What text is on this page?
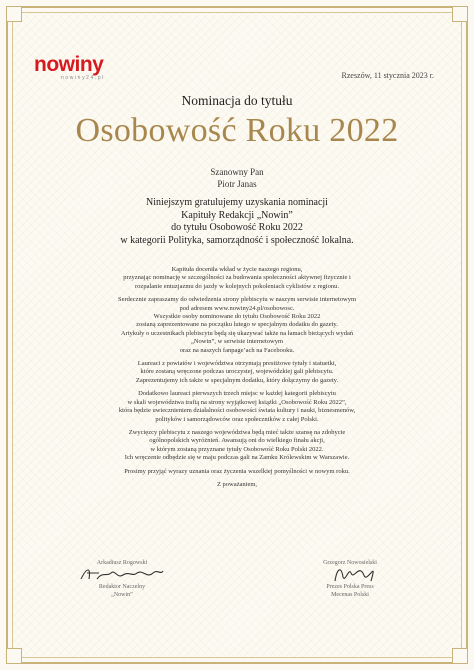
nowiny
nowiny24.pl	Rzeszów, 11 stycznia 2023 r.
Nominacja do tytułu
Osobowość Roku 2022
Szanowny Pan
Piotr Janas
Niniejszym gratulujemy uzyskania nominacji
Kapituły Redakcji „Nowin”
do tytułu Osobowość Roku 2022
w kategorii Polityka, samorządność i społeczność lokalna.
Kapituła doceniła wkład w życie naszego regionu,
przyznając nominację w szczególności za budowania społeczności aktywnej fizycznie i
rozpalanie entuzjazmu do jazdy w kolejnych pokoleniach cyklistów z regionu.
Serdecznie zapraszamy do odwiedzenia strony plebiscytu w naszym serwisie internetowym
pod adresem www.nowiny24.pl/osobowosc.
Wszystkie osoby nominowane do tytułu Osobowość Roku 2022
zostaną zaprezentowane na początku lutego w specjalnym dodatku do gazety.
Artykuły o uczestnikach plebiscytu będą się ukazywać także na łamach bieżących wydań
„Nowin”, w serwisie internetowym
oraz na naszych fanpage’ach na Facebooku.
Laureaci z powiatów i województwa otrzymają prestiżowe tytuły i statuetki,
które zostaną wręczone podczas uroczystej, wojewódzkiej gali plebiscytu.
Zaprezentujemy ich także w specjalnym dodatku, który dołączymy do gazety.
Dodatkowo laureaci pierwszych trzech miejsc w każdej kategorii plebiscytu
w skali województwa trafią na strony wyjątkowej książki „Osobowość Roku 2022”,
która będzie uwiecznieniem działalności osobowości świata kultury i nauki, biznesmenów,
polityków i samorządowców oraz społeczników z całej Polski.
Zwycięzcy plebiscytu z naszego województwa będą mieć także szansę na zdobycie
ogólnopolskich wyróżnień. Awansują oni do wielkiego finału akcji,
w którym zostaną przyznane tytuły Osobowość Roku Polski 2022.
Ich wręczenie odbędzie się w maju podczas gali na Zamku Królewskim w Warszawie.
Prosimy przyjąć wyrazy uznania oraz życzenia wszelkiej pomyślności w nowym roku.
Z poważaniem,
Arkadiusz Rogowski
Redaktor Naczelny
„Nowin”
Grzegorz Nowosielski
Prezes Polska Press
Mecenas Polski
